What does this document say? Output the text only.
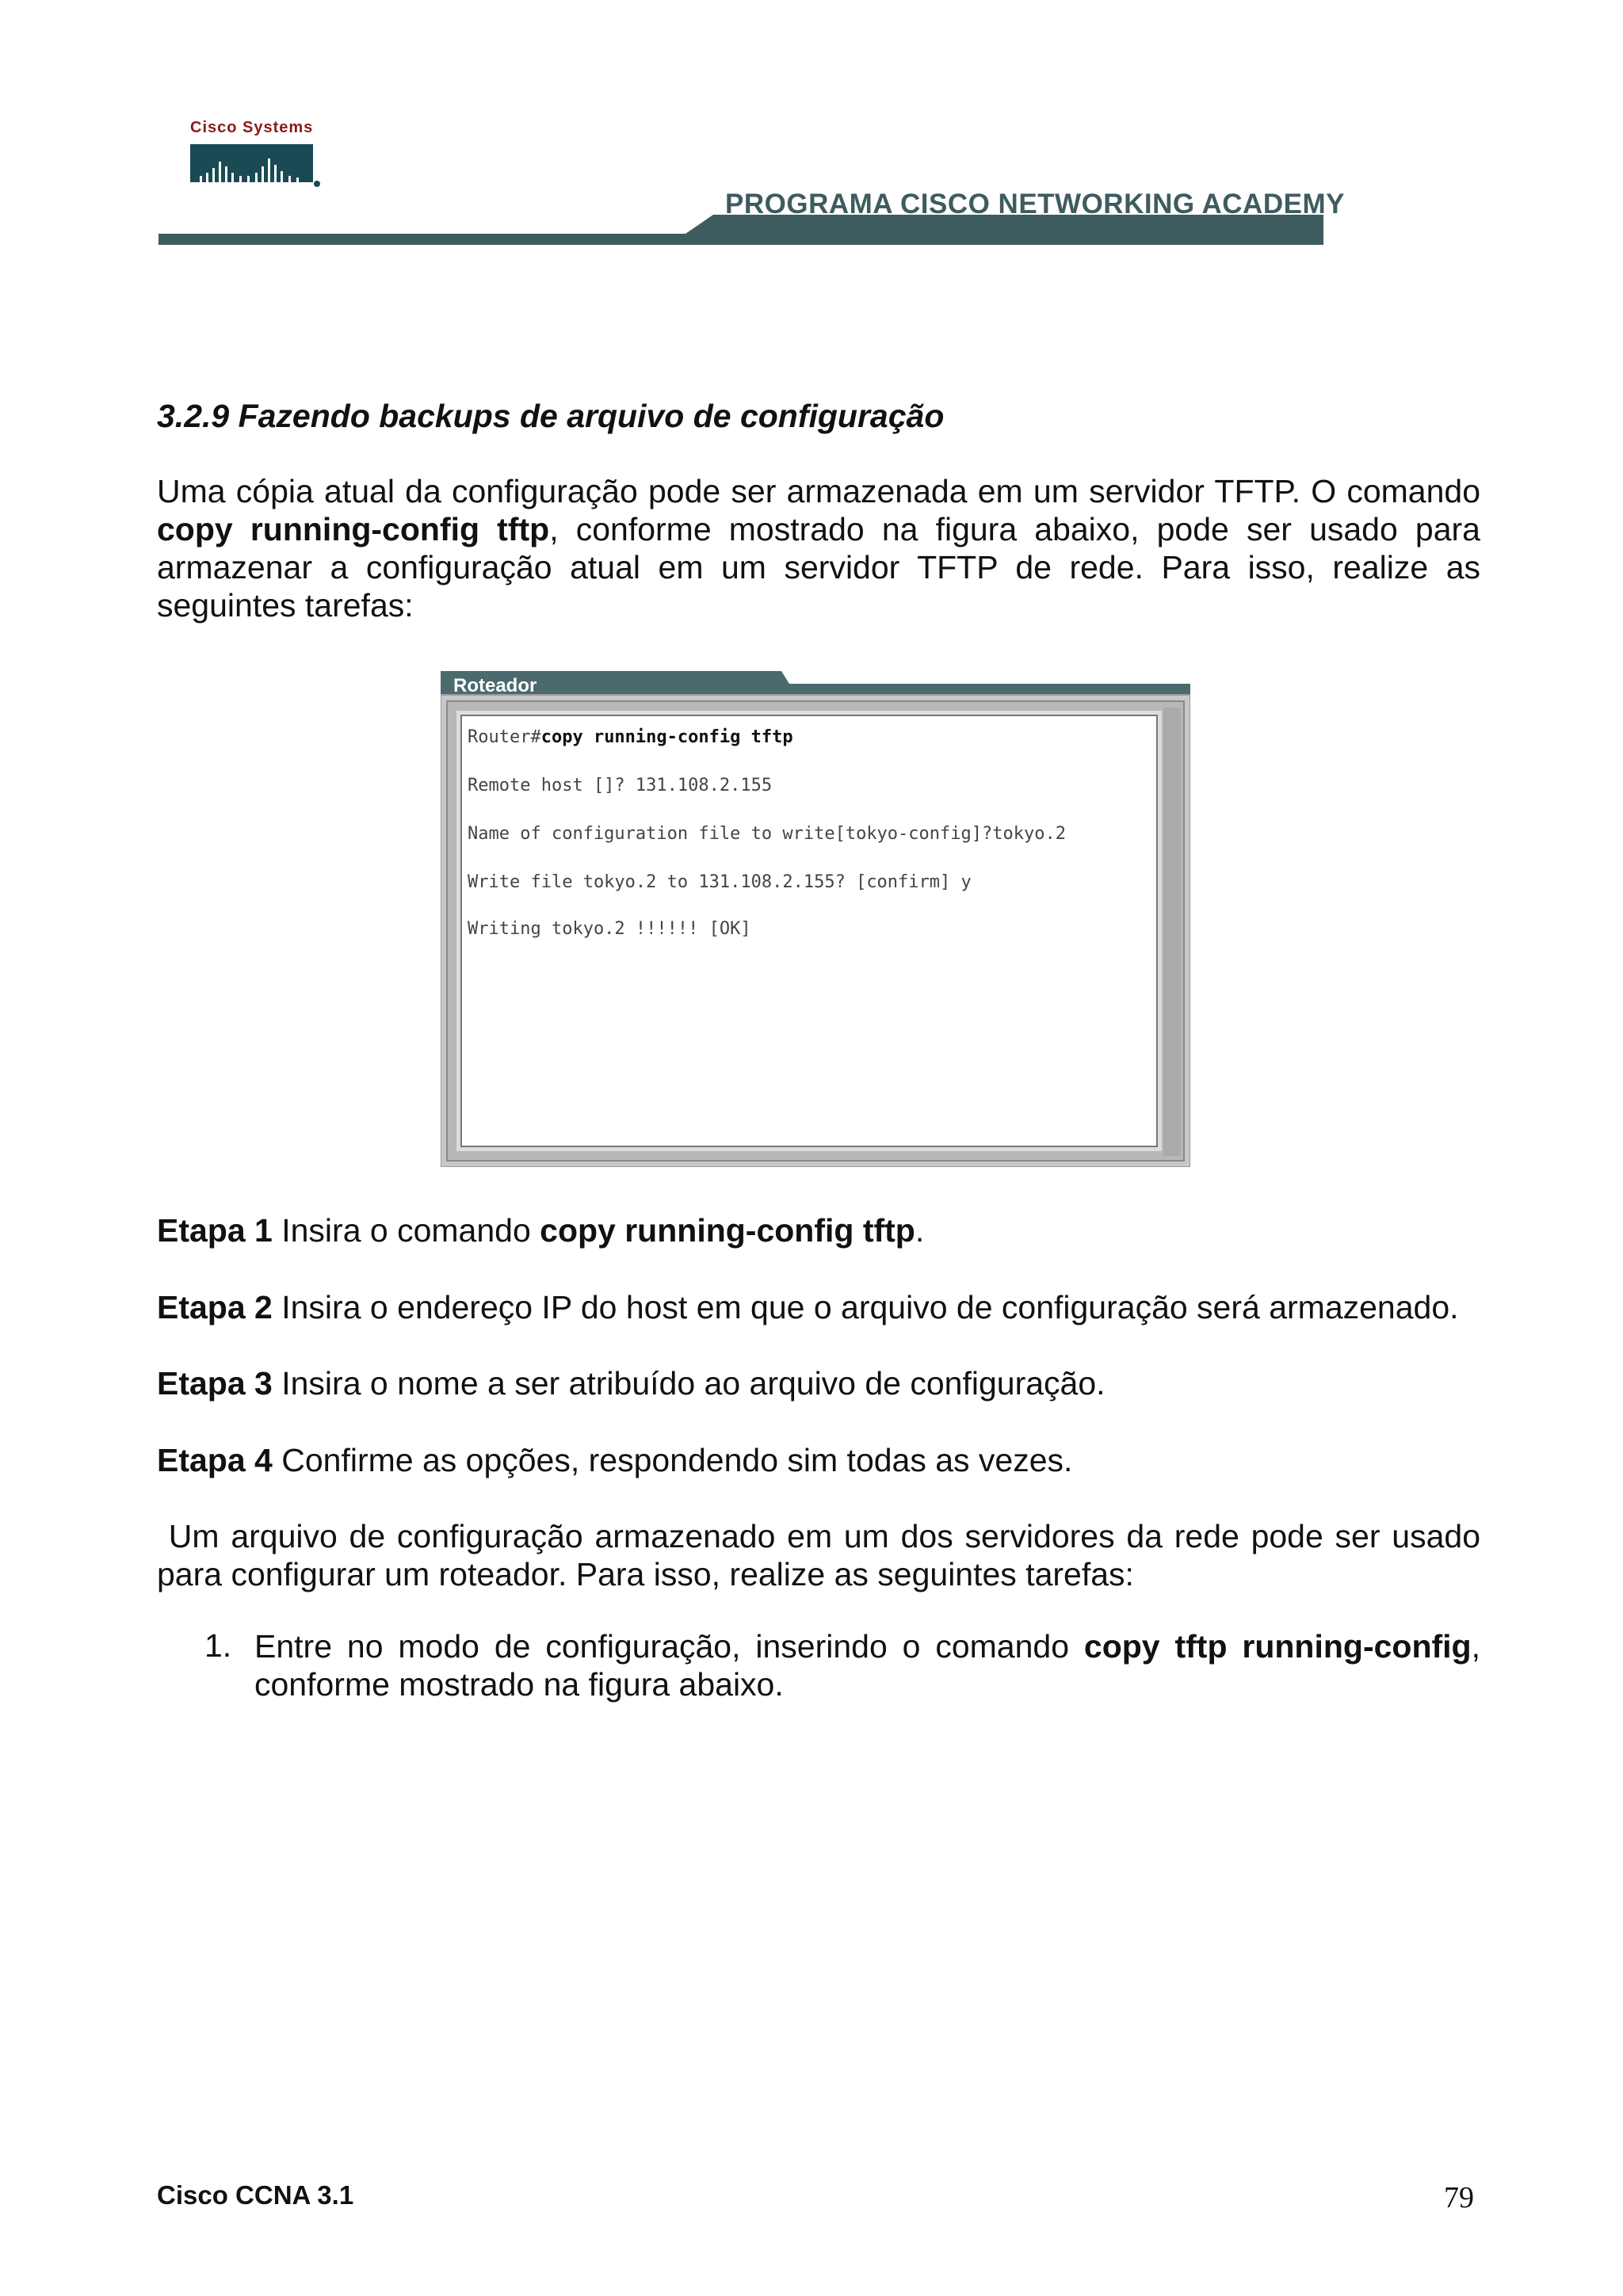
Cisco Systems
PROGRAMA CISCO NETWORKING ACADEMY
3.2.9 Fazendo backups de arquivo de configuração
Uma cópia atual da configuração pode ser armazenada em um servidor TFTP. O comando copy running-config tftp, conforme mostrado na figura abaixo, pode ser usado para armazenar a configuração atual em um servidor TFTP de rede. Para isso, realize as seguintes tarefas:
Roteador
Router#copy running-config tftp
Remote host []? 131.108.2.155
Name of configuration file to write[tokyo-config]?tokyo.2
Write file tokyo.2 to 131.108.2.155? [confirm] y
Writing tokyo.2 !!!!!! [OK]
Etapa 1 Insira o comando copy running-config tftp.
Etapa 2 Insira o endereço IP do host em que o arquivo de configuração será armazenado.
Etapa 3 Insira o nome a ser atribuído ao arquivo de configuração.
Etapa 4 Confirme as opções, respondendo sim todas as vezes.
Um arquivo de configuração armazenado em um dos servidores da rede pode ser usado para configurar um roteador. Para isso, realize as seguintes tarefas:
1. Entre no modo de configuração, inserindo o comando copy tftp running-config, conforme mostrado na figura abaixo.
Cisco CCNA 3.1	79
